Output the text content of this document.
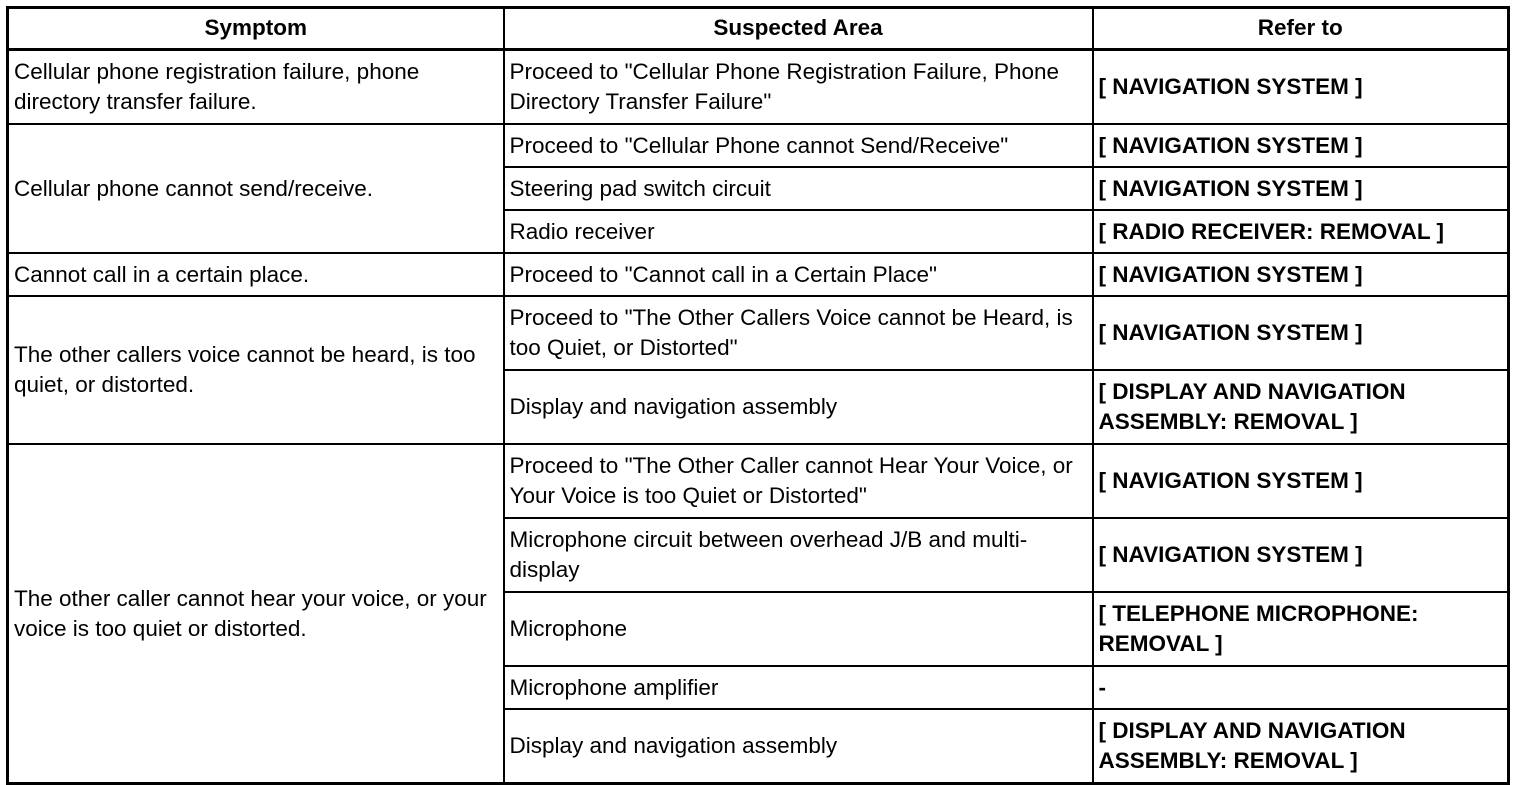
Symptom	Suspected Area	Refer to
Cellular phone registration failure, phone directory transfer failure.	Proceed to "Cellular Phone Registration Failure, Phone Directory Transfer Failure"	[ NAVIGATION SYSTEM ]
Cellular phone cannot send/receive.	Proceed to "Cellular Phone cannot Send/Receive"	[ NAVIGATION SYSTEM ]
	Steering pad switch circuit	[ NAVIGATION SYSTEM ]
	Radio receiver	[ RADIO RECEIVER: REMOVAL ]
Cannot call in a certain place.	Proceed to "Cannot call in a Certain Place"	[ NAVIGATION SYSTEM ]
The other callers voice cannot be heard, is too quiet, or distorted.	Proceed to "The Other Callers Voice cannot be Heard, is too Quiet, or Distorted"	[ NAVIGATION SYSTEM ]
	Display and navigation assembly	[ DISPLAY AND NAVIGATION ASSEMBLY: REMOVAL ]
The other caller cannot hear your voice, or your voice is too quiet or distorted.	Proceed to "The Other Caller cannot Hear Your Voice, or Your Voice is too Quiet or Distorted"	[ NAVIGATION SYSTEM ]
	Microphone circuit between overhead J/B and multi-display	[ NAVIGATION SYSTEM ]
	Microphone	[ TELEPHONE MICROPHONE: REMOVAL ]
	Microphone amplifier	-
	Display and navigation assembly	[ DISPLAY AND NAVIGATION ASSEMBLY: REMOVAL ]
